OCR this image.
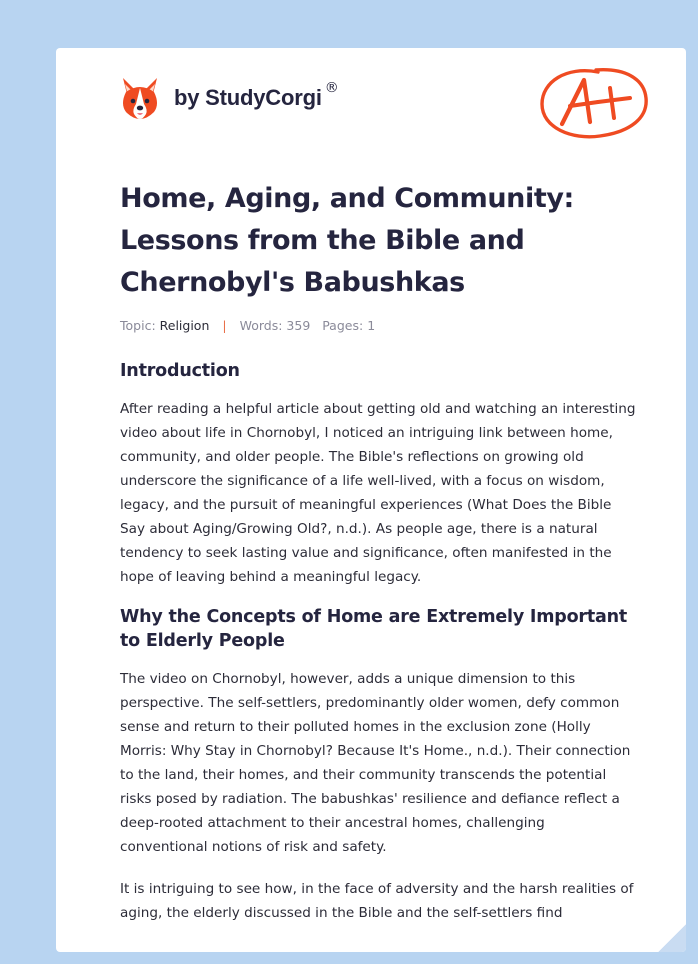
by StudyCorgi ®
Home, Aging, and Community: Lessons from the Bible and Chernobyl's Babushkas
Topic: Religion | Words: 359 Pages: 1
Introduction

After reading a helpful article about getting old and watching an interesting video about life in Chornobyl, I noticed an intriguing link between home, community, and older people. The Bible's reflections on growing old underscore the significance of a life well-lived, with a focus on wisdom, legacy, and the pursuit of meaningful experiences (What Does the Bible Say about Aging/Growing Old?, n.d.). As people age, there is a natural tendency to seek lasting value and significance, often manifested in the hope of leaving behind a meaningful legacy.

Why the Concepts of Home are Extremely Important to Elderly People

The video on Chornobyl, however, adds a unique dimension to this perspective. The self-settlers, predominantly older women, defy common sense and return to their polluted homes in the exclusion zone (Holly Morris: Why Stay in Chornobyl? Because It's Home., n.d.). Their connection to the land, their homes, and their community transcends the potential risks posed by radiation. The babushkas' resilience and defiance reflect a deep-rooted attachment to their ancestral homes, challenging conventional notions of risk and safety.

It is intriguing to see how, in the face of adversity and the harsh realities of aging, the elderly discussed in the Bible and the self-settlers find
